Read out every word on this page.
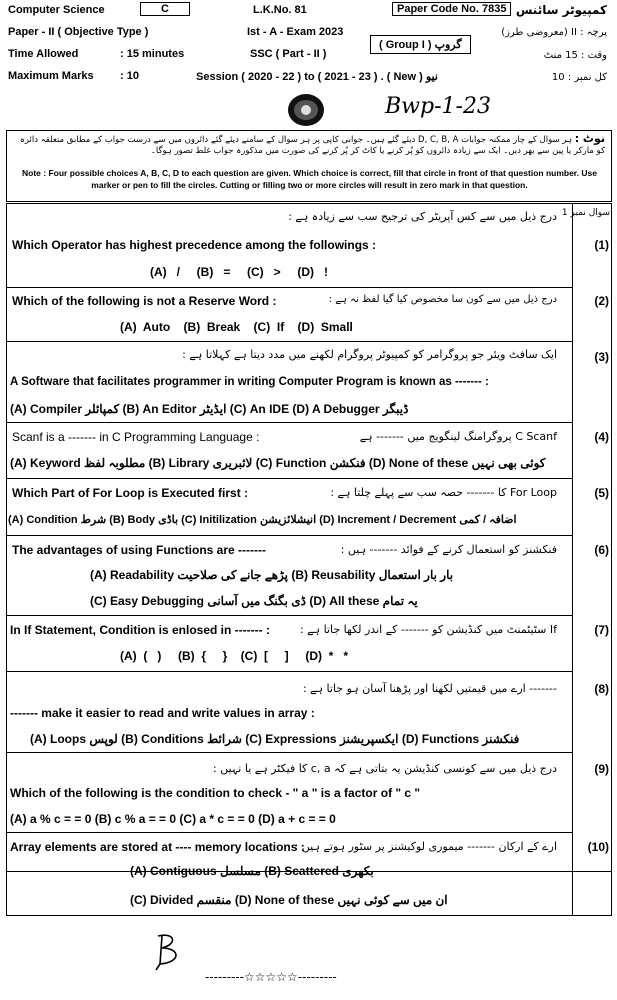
Computer Science	C	L.K.No. 81	Paper Code No. 7835 کمپیوٹر سائنس
Paper - II ( Objective Type )	Ist - A - Exam 2023
( Group I ) گروپ
پرچہ : II (معروضی طرز)
Time Allowed	: 15 minutes	SSC ( Part - II )	وقت : 15 منٹ
Maximum Marks : 10	Session ( 2020 - 22 ) to ( 2021 - 23 ) . ( New ) نیو	کل نمبر : 10
Bwp-1-23
نوٹ : ہر سوال کے چار ممکنہ جوابات D, C, B, A دیئے گئے ہیں۔ جوابی کاپی پر ہر سوال کے سامنے دیئے گئے دائروں میں سے درست جواب کے مطابق متعلقہ دائرہ کو مارکر یا پین سے بھر دیں۔ ایک سے زیادہ دائروں کو پُر کرنے یا کاٹ کر پُر کرنے کی صورت میں مذکورہ جواب غلط تصور ہوگا۔
Note : Four possible choices A, B, C, D to each question are given. Which choice is correct, fill that circle in front of that question number. Use marker or pen to fill the circles. Cutting or filling two or more circles will result in zero mark in that question.
سوال نمبر 1
درج ذیل میں سے کس آپریٹر کی ترجیح سب سے زیادہ ہے :
Which Operator has highest precedence among the followings :	(1)
(A)   /     (B)   =     (C)   >     (D)   !
Which of the following is not a Reserve Word :	درج ذیل میں سے کون سا مخصوص کیا گیا لفظ نہ ہے :	(2)
(A)  Auto    (B)  Break    (C)  If    (D)  Small
ایک سافٹ ویئر جو پروگرامر کو کمپیوٹر پروگرام لکھنے میں مدد دیتا ہے کہلاتا ہے :	(3)
A Software that facilitates programmer in writing Computer Program is known as ------- :
(A) Compiler کمپائلر (B) An Editor ایڈیٹر (C) An IDE (D) A Debugger ڈیبگر
Scanf is a ------- in C Programming Language :	C Scanf پروگرامنگ لینگویج میں ------- ہے	(4)
(A) Keyword مطلوبہ لفظ (B) Library لائبریری (C) Function فنکشن (D) None of these کوئی بھی نہیں
Which Part of For Loop is Executed first :	For Loop کا ------- حصہ سب سے پہلے چلتا ہے :	(5)
(A) Condition شرط (B) Body باڈی (C) Initilization انیشلائزیشن (D) Increment / Decrement اضافہ / کمی
The advantages of using Functions are -------	فنکشنز کو استعمال کرنے کے فوائد ------- ہیں :	(6)
(A) Readability پڑھے جانے کی صلاحیت (B) Reusability بار بار استعمال
(C) Easy Debugging ڈی بگنگ میں آسانی (D) All these یہ تمام
In If Statement, Condition is enlosed in ------- :	If سٹیٹمنٹ میں کنڈیشن کو ------- کے اندر لکھا جاتا ہے :	(7)
(A)  (   )     (B)  {     }    (C)  [     ]     (D)  *   *
------- ارے میں قیمتیں لکھنا اور پڑھنا آسان ہو جاتا ہے :	(8)
------- make it easier to read and write values in array :
(A) Loops لوپس (B) Conditions شرائط (C) Expressions ایکسپریشنز (D) Functions فنکشنز
درج ذیل میں سے کونسی کنڈیشن یہ بتاتی ہے کہ c, a کا فیکٹر ہے یا نہیں :	(9)
Which of the following is the condition to check - " a " is a factor of " c "
(A) a % c = = 0 (B) c % a = = 0 (C) a * c = = 0 (D) a + c = = 0
Array elements are stored at ---- memory locations :
ارے کے ارکان ------- میموری لوکیشنز پر سٹور ہوتے ہیں :	(10)
(A) Contiguous مسلسل (B) Scattered بکھری
(C) Divided منقسم (D) None of these ان میں سے کوئی نہیں
---------☆☆☆☆☆---------
